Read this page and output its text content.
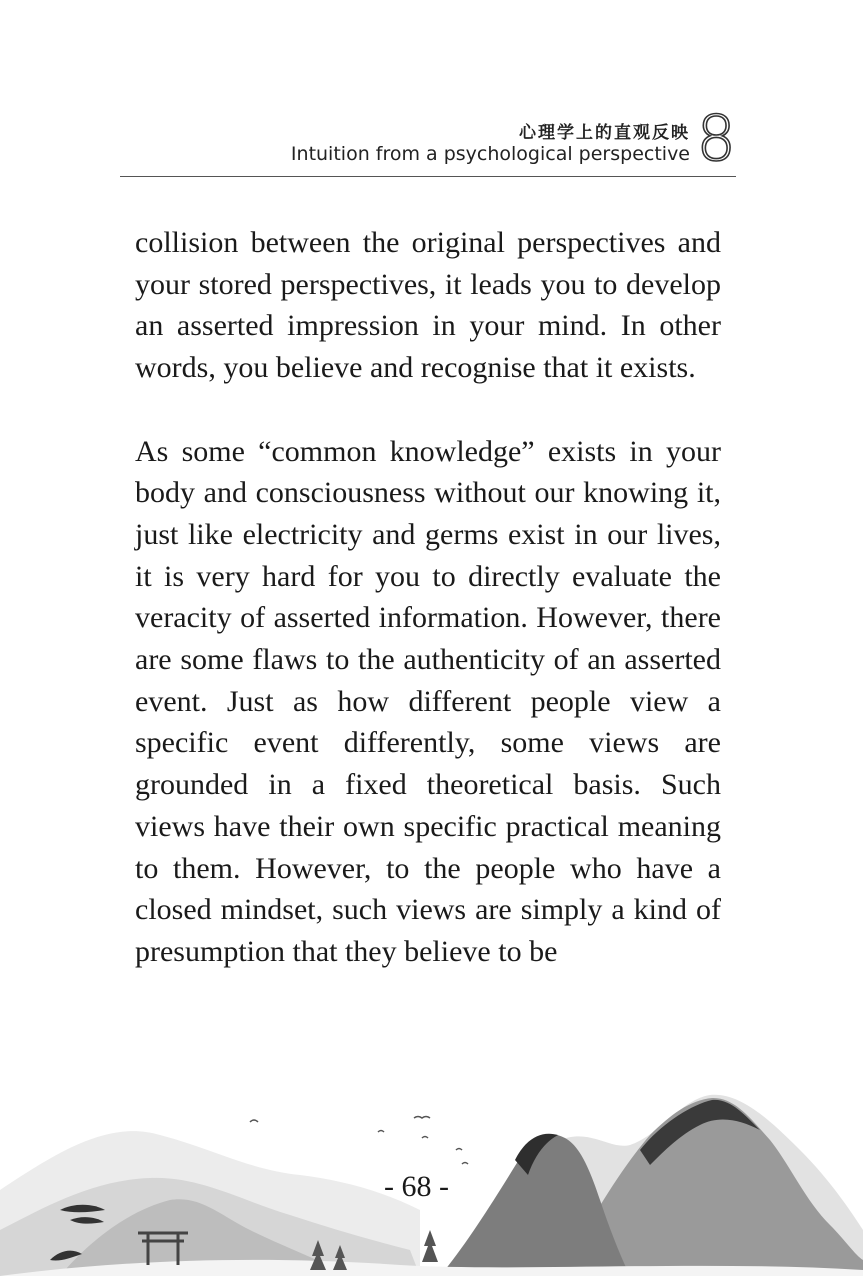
心理学上的直观反映
Intuition from a psychological perspective 8

collision between the original perspectives and your stored perspectives, it leads you to develop an asserted impression in your mind. In other words, you believe and recognise that it exists.

As some “common knowledge” exists in your body and consciousness without our knowing it, just like electricity and germs exist in our lives, it is very hard for you to directly evaluate the veracity of asserted information. However, there are some flaws to the authenticity of an asserted event. Just as how different people view a specific event differently, some views are grounded in a fixed theoretical basis. Such views have their own specific practical meaning to them. However, to the people who have a closed mindset, such views are simply a kind of presumption that they believe to be

- 68 -
